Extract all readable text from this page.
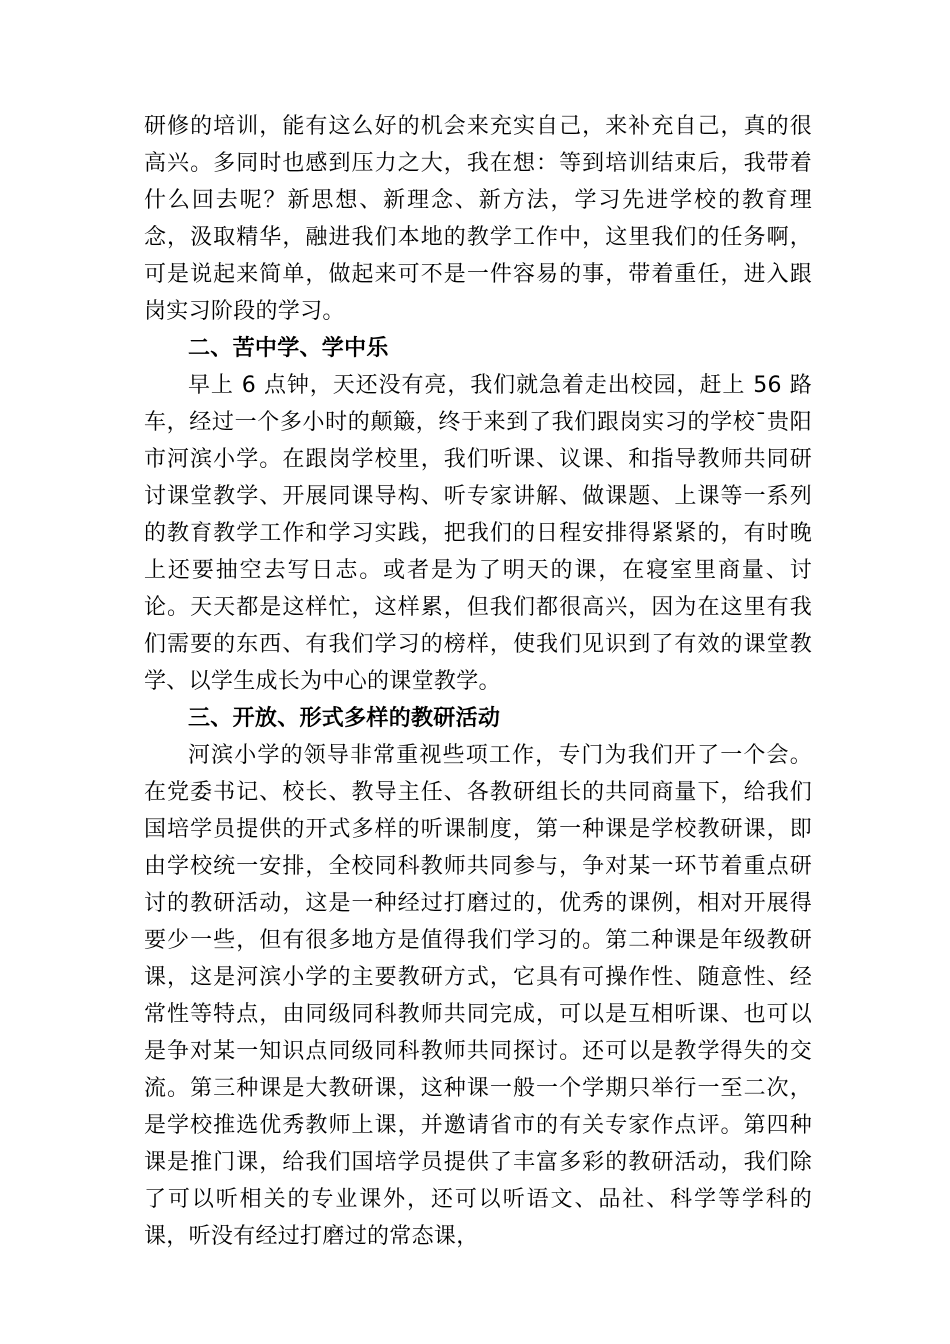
研修的培训，能有这么好的机会来充实自己，来补充自己，真的很高兴。多同时也感到压力之大，我在想：等到培训结束后，我带着什么回去呢？新思想、新理念、新方法，学习先进学校的教育理念，汲取精华，融进我们本地的教学工作中，这里我们的任务啊，可是说起来简单，做起来可不是一件容易的事，带着重任，进入跟岗实习阶段的学习。

二、苦中学、学中乐

早上 6 点钟，天还没有亮，我们就急着走出校园，赶上 56 路车，经过一个多小时的颠簸，终于来到了我们跟岗实习的学校¯贵阳市河滨小学。在跟岗学校里，我们听课、议课、和指导教师共同研讨课堂教学、开展同课导构、听专家讲解、做课题、上课等一系列的教育教学工作和学习实践，把我们的日程安排得紧紧的，有时晚上还要抽空去写日志。或者是为了明天的课，在寝室里商量、讨论。天天都是这样忙，这样累，但我们都很高兴，因为在这里有我们需要的东西、有我们学习的榜样，使我们见识到了有效的课堂教学、以学生成长为中心的课堂教学。

三、开放、形式多样的教研活动

河滨小学的领导非常重视些项工作，专门为我们开了一个会。在党委书记、校长、教导主任、各教研组长的共同商量下，给我们国培学员提供的开式多样的听课制度，第一种课是学校教研课，即由学校统一安排，全校同科教师共同参与，争对某一环节着重点研讨的教研活动，这是一种经过打磨过的，优秀的课例，相对开展得要少一些，但有很多地方是值得我们学习的。第二种课是年级教研课，这是河滨小学的主要教研方式，它具有可操作性、随意性、经常性等特点，由同级同科教师共同完成，可以是互相听课、也可以是争对某一知识点同级同科教师共同探讨。还可以是教学得失的交流。第三种课是大教研课，这种课一般一个学期只举行一至二次，是学校推选优秀教师上课，并邀请省市的有关专家作点评。第四种课是推门课，给我们国培学员提供了丰富多彩的教研活动，我们除了可以听相关的专业课外，还可以听语文、品社、科学等学科的课，听没有经过打磨过的常态课，
